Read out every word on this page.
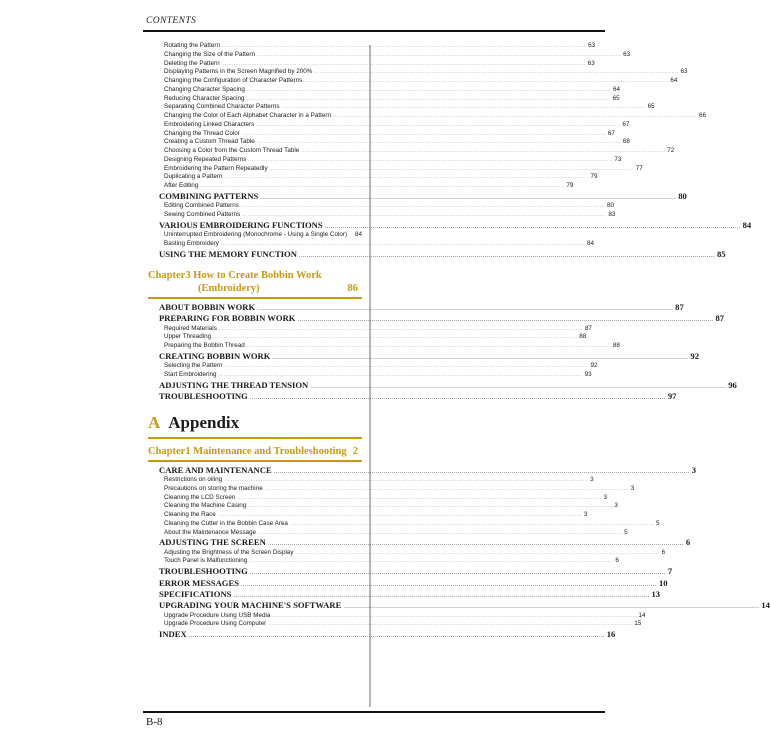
CONTENTS
Rotating the Pattern .....	63
Changing the Size of the Pattern .....	63
Deleting the Pattern .....	63
Displaying Patterns in the Screen Magnified by 200% .....	63
Changing the Configuration of Character Patterns .....	64
Changing Character Spacing .....	64
Reducing Character Spacing .....	65
Separating Combined Character Patterns .....	65
Changing the Color of Each Alphabet Character in a Pattern .....	66
Embroidering Linked Characters .....	67
Changing the Thread Color .....	67
Creating a Custom Thread Table .....	68
Choosing a Color from the Custom Thread Table .....	72
Designing Repeated Patterns .....	73
Embroidering the Pattern Repeatedly .....	77
Duplicating a Pattern .....	79
After Editing .....	79
COMBINING PATTERNS .....	80
Editing Combined Patterns .....	80
Sewing Combined Patterns .....	83
VARIOUS EMBROIDERING FUNCTIONS .....	84
Uninterrupted Embroidering (Monochrome - Using a Single Color) 84
Basting Embroidery .....	84
USING THE MEMORY FUNCTION .....	85
Chapter3 How to Create Bobbin Work
(Embroidery)	86
ABOUT BOBBIN WORK .....	87
PREPARING FOR BOBBIN WORK .....	87
Required Materials .....	87
Upper Threading .....	88
Preparing the Bobbin Thread .....	88
CREATING BOBBIN WORK .....	92
Selecting the Pattern .....	92
Start Embroidering .....	93
ADJUSTING THE THREAD TENSION .....	96
TROUBLESHOOTING .....	97
A Appendix
Chapter1 Maintenance and Troubleshooting 2
CARE AND MAINTENANCE .....	3
Restrictions on oiling .....	3
Precautions on storing the machine .....	3
Cleaning the LCD Screen .....	3
Cleaning the Machine Casing .....	3
Cleaning the Race .....	3
Cleaning the Cutter in the Bobbin Case Area .....	5
About the Maintenance Message .....	5
ADJUSTING THE SCREEN .....	6
Adjusting the Brightness of the Screen Display .....	6
Touch Panel is Malfunctioning .....	6
TROUBLESHOOTING .....	7
ERROR MESSAGES .....	10
SPECIFICATIONS .....	13
UPGRADING YOUR MACHINE'S SOFTWARE .....	14
Upgrade Procedure Using USB Media .....	14
Upgrade Procedure Using Computer .....	15
INDEX .....	16
B-8
